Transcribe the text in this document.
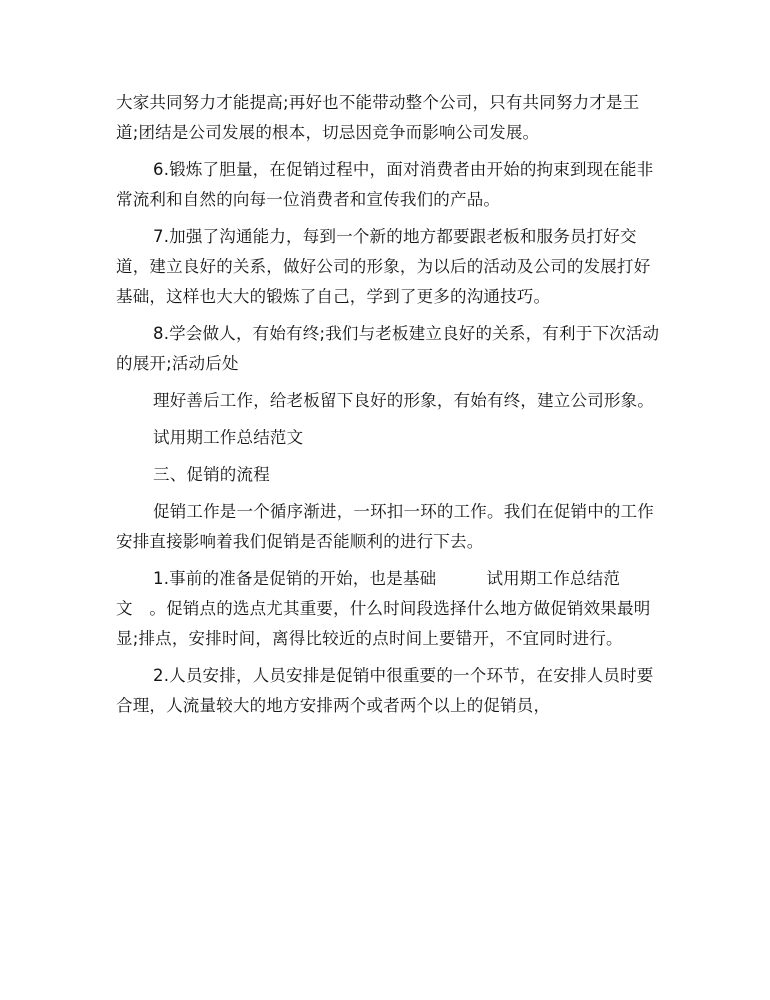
大家共同努力才能提高;再好也不能带动整个公司，只有共同努力才是王道;团结是公司发展的根本，切忌因竞争而影响公司发展。

6.锻炼了胆量，在促销过程中，面对消费者由开始的拘束到现在能非常流利和自然的向每一位消费者和宣传我们的产品。

7.加强了沟通能力，每到一个新的地方都要跟老板和服务员打好交道，建立良好的关系，做好公司的形象，为以后的活动及公司的发展打好基础，这样也大大的锻炼了自己，学到了更多的沟通技巧。

8.学会做人，有始有终;我们与老板建立良好的关系，有利于下次活动的展开;活动后处

理好善后工作，给老板留下良好的形象，有始有终，建立公司形象。

试用期工作总结范文

三、促销的流程

促销工作是一个循序渐进，一环扣一环的工作。我们在促销中的工作安排直接影响着我们促销是否能顺利的进行下去。

1.事前的准备是促销的开始，也是基础　　　试用期工作总结范文　。促销点的选点尤其重要，什么时间段选择什么地方做促销效果最明显;排点，安排时间，离得比较近的点时间上要错开，不宜同时进行。

2.人员安排，人员安排是促销中很重要的一个环节，在安排人员时要合理，人流量较大的地方安排两个或者两个以上的促销员，
